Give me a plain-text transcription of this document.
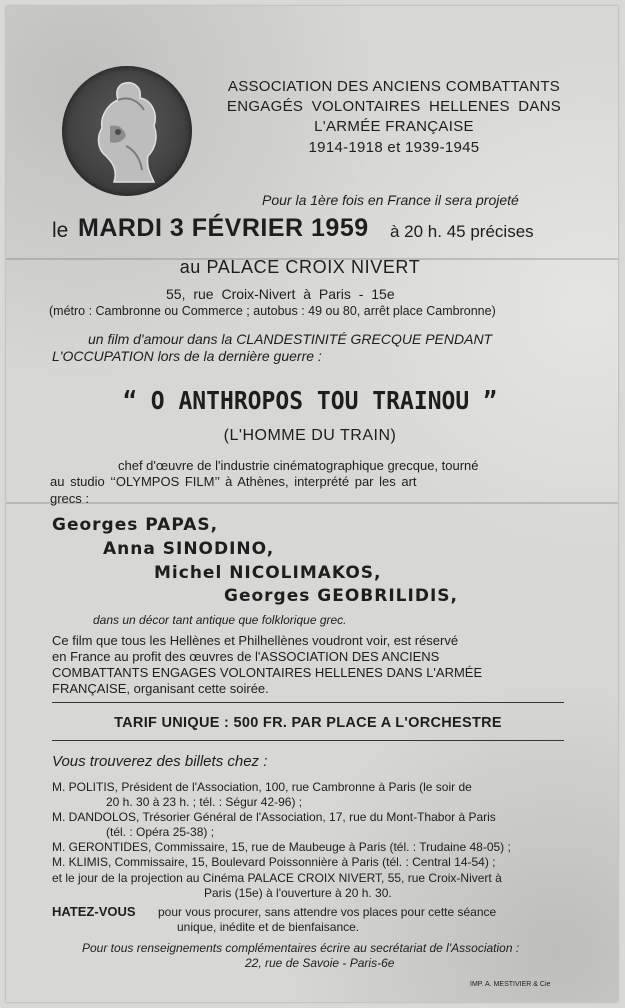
ASSOCIATION DES ANCIENS COMBATTANTS
ENGAGÉS VOLONTAIRES HELLENES DANS
L'ARMÉE FRANÇAISE
1914-1918 et 1939-1945
Pour la 1ère fois en France il sera projeté
le MARDI 3 FÉVRIER 1959 à 20 h. 45 précises
au PALACE CROIX NIVERT
55, rue Croix-Nivert à Paris - 15e
(métro : Cambronne ou Commerce ; autobus : 49 ou 80, arrêt place Cambronne)
un film d'amour dans la CLANDESTINITÉ GRECQUE PENDANT
L'OCCUPATION lors de la dernière guerre :
“ O ANTHROPOS TOU TRAINOU ”
(L'HOMME DU TRAIN)
chef d'œuvre de l'industrie cinématographique grecque, tourné
au studio ‘‘OLYMPOS FILM’’ à Athènes, interprété par les art
grecs :
Georges PAPAS,
Anna SINODINO,
Michel NICOLIMAKOS,
Georges GEOBRILIDIS,
dans un décor tant antique que folklorique grec.
Ce film que tous les Hellènes et Philhellènes voudront voir, est réservé
en France au profit des œuvres de l'ASSOCIATION DES ANCIENS
COMBATTANTS ENGAGES VOLONTAIRES HELLENES DANS L'ARMÉE
FRANÇAISE, organisant cette soirée.
TARIF UNIQUE : 500 FR. PAR PLACE A L'ORCHESTRE
Vous trouverez des billets chez :
M. POLITIS, Président de l'Association, 100, rue Cambronne à Paris (le soir de
20 h. 30 à 23 h. ; tél. : Ségur 42-96) ;
M. DANDOLOS, Trésorier Général de l'Association, 17, rue du Mont-Thabor à Paris
(tél. : Opéra 25-38) ;
M. GERONTIDES, Commissaire, 15, rue de Maubeuge à Paris (tél. : Trudaine 48-05) ;
M. KLIMIS, Commissaire, 15, Boulevard Poissonnière à Paris (tél. : Central 14-54) ;
et le jour de la projection au Cinéma PALACE CROIX NIVERT, 55, rue Croix-Nivert à
Paris (15e) à l'ouverture à 20 h. 30.
HATEZ-VOUS pour vous procurer, sans attendre vos places pour cette séance
unique, inédite et de bienfaisance.
Pour tous renseignements complémentaires écrire au secrétariat de l'Association :
22, rue de Savoie - Paris-6e
IMP. A. MESTIVIER & Cie
